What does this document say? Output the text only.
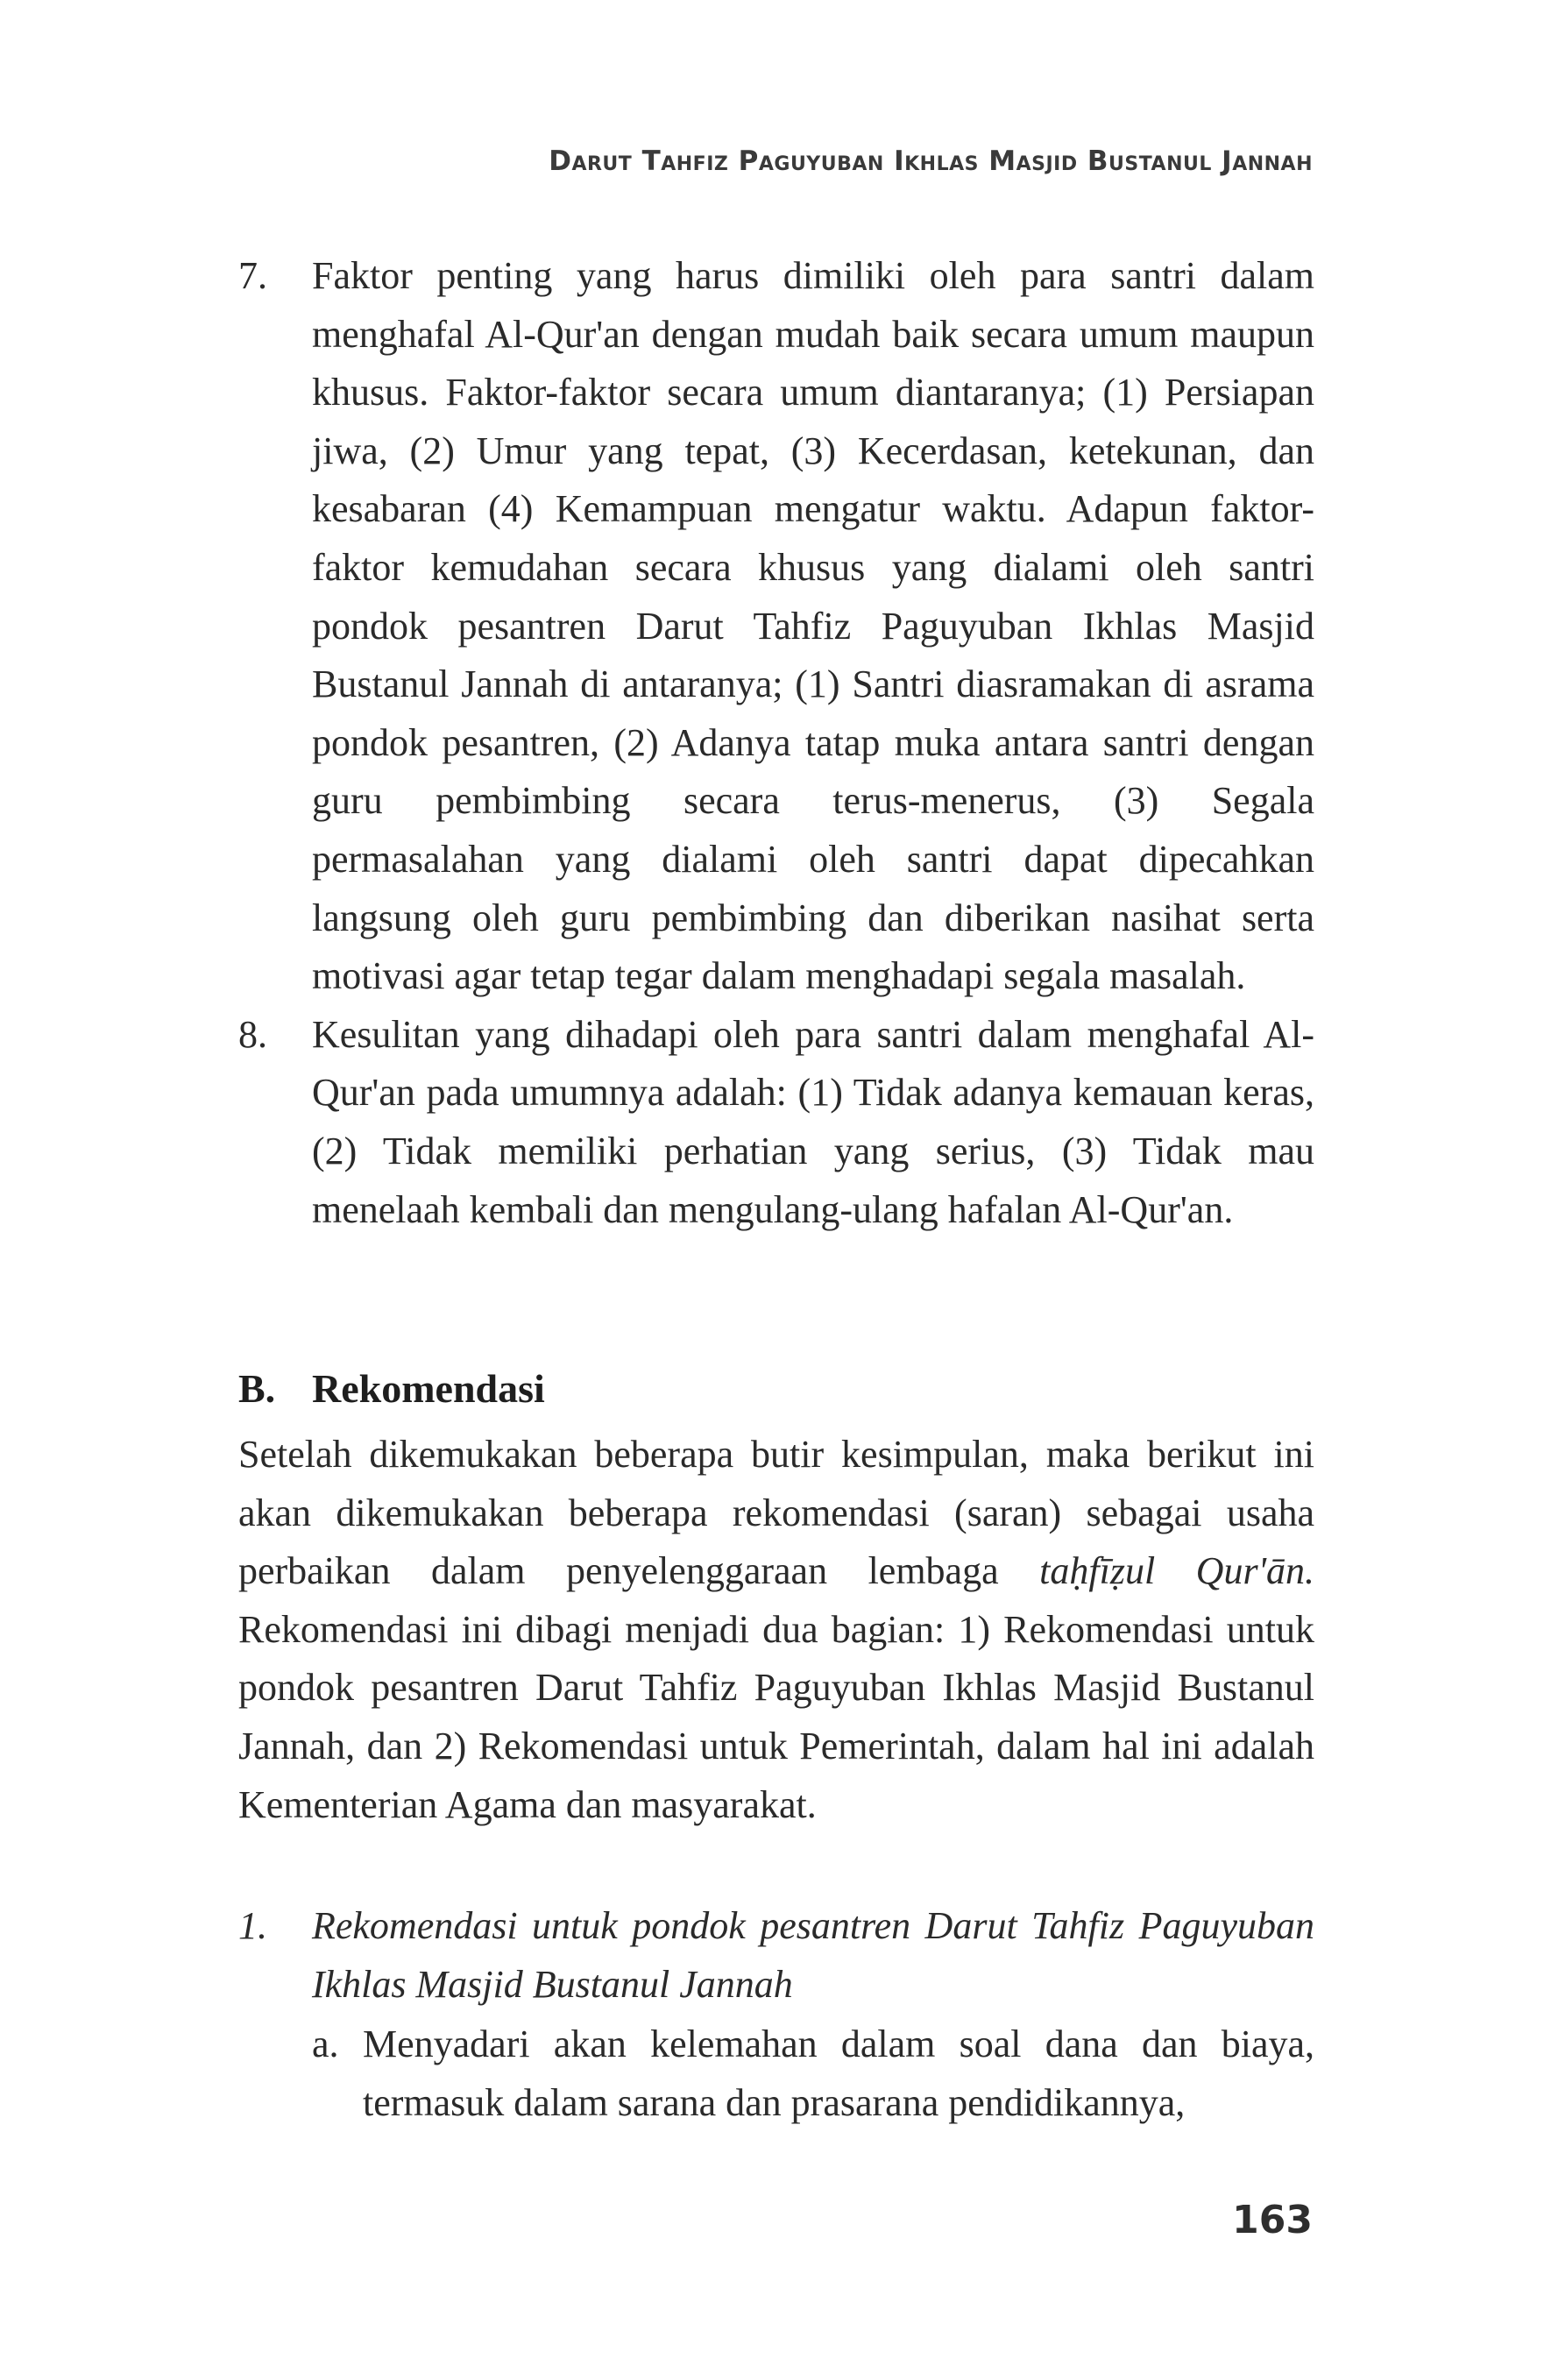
Darut Tahfiz Paguyuban Ikhlas Masjid Bustanul Jannah
7.	Faktor penting yang harus dimiliki oleh para santri dalam menghafal Al-Qur'an dengan mudah baik secara umum maupun khusus. Faktor-faktor secara umum diantaranya; (1) Persiapan jiwa, (2) Umur yang tepat, (3) Kecerdasan, ketekunan, dan kesabaran (4) Kemampuan mengatur waktu. Adapun faktor-faktor kemudahan secara khusus yang dialami oleh santri pondok pesantren Darut Tahfiz Paguyuban Ikhlas Masjid Bustanul Jannah di antaranya; (1) Santri diasramakan di asrama pondok pesantren, (2) Adanya tatap muka antara santri dengan guru pembimbing secara terus-menerus, (3) Segala permasalahan yang dialami oleh santri dapat dipecahkan langsung oleh guru pembimbing dan diberikan nasihat serta motivasi agar tetap tegar dalam menghadapi segala masalah.
8.	Kesulitan yang dihadapi oleh para santri dalam menghafal Al-Qur'an pada umumnya adalah: (1) Tidak adanya kemauan keras, (2) Tidak memiliki perhatian yang serius, (3) Tidak mau menelaah kembali dan mengulang-ulang hafalan Al-Qur'an.
B. Rekomendasi
Setelah dikemukakan beberapa butir kesimpulan, maka berikut ini akan dikemukakan beberapa rekomendasi (saran) sebagai usaha perbaikan dalam penyelenggaraan lembaga taḥfīẓul Qur'ān. Rekomendasi ini dibagi menjadi dua bagian: 1) Rekomendasi untuk pondok pesantren Darut Tahfiz Paguyuban Ikhlas Masjid Bustanul Jannah, dan 2) Rekomendasi untuk Pemerintah, dalam hal ini adalah Kementerian Agama dan masyarakat.
1.	Rekomendasi untuk pondok pesantren Darut Tahfiz Paguyuban Ikhlas Masjid Bustanul Jannah
a. Menyadari akan kelemahan dalam soal dana dan biaya, termasuk dalam sarana dan prasarana pendidikannya,
163
